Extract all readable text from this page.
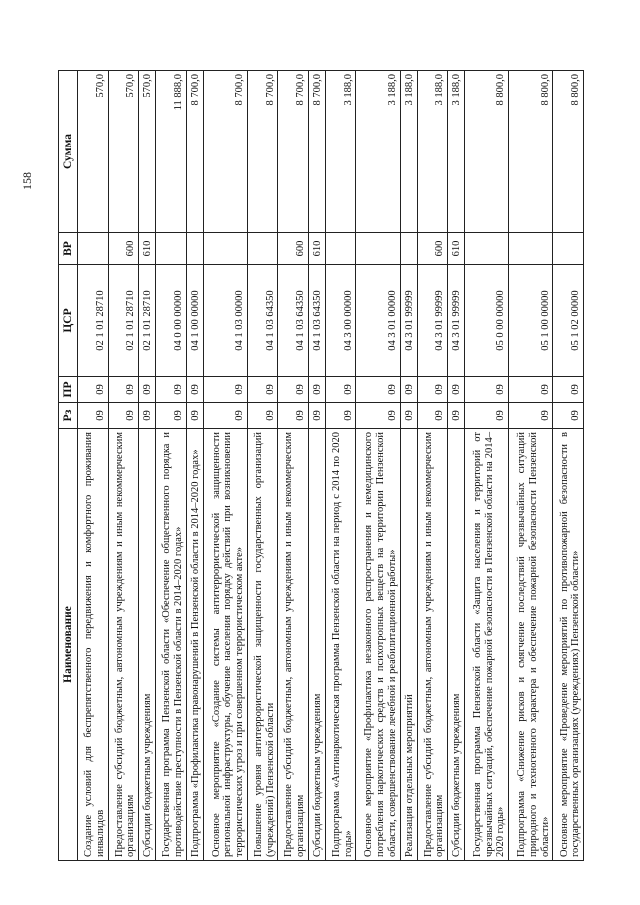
158
Наименование	Рз	ПР	ЦСР	ВР	Сумма
Создание условий для беспрепятственного передвижения и комфортного проживания инвалидов	09	09	02 1 01 28710		570,0
Предоставление субсидий бюджетным, автономным учреждениям и иным некоммерческим организациям	09	09	02 1 01 28710	600	570,0
Субсидии бюджетным учреждениям	09	09	02 1 01 28710	610	570,0
Государственная программа Пензенской области «Обеспечение общественного порядка и противодействие преступности в Пензенской области в 2014–2020 годах»	09	09	04 0 00 00000		11 888,0
Подпрограмма «Профилактика правонарушений в Пензенской области в 2014–2020 годах»	09	09	04 1 00 00000		8 700,0
Основное мероприятие «Создание системы антитеррористической защищенности региональной инфраструктуры, обучение населения порядку действий при возникновении террористических угроз и при совершенном террористическом акте»	09	09	04 1 03 00000		8 700,0
Повышение уровня антитеррористической защищенности государственных организаций (учреждений) Пензенской области	09	09	04 1 03 64350		8 700,0
Предоставление субсидий бюджетным, автономным учреждениям и иным некоммерческим организациям	09	09	04 1 03 64350	600	8 700,0
Субсидии бюджетным учреждениям	09	09	04 1 03 64350	610	8 700,0
Подпрограмма «Антинаркотическая программа Пензенской области на период с 2014 по 2020 годы»	09	09	04 3 00 00000		3 188,0
Основное мероприятие «Профилактика незаконного распространения и немедицинского потребления наркотических средств и психотропных веществ на территории Пензенской области, совершенствование лечебной и реабилитационной работы»	09	09	04 3 01 00000		3 188,0
Реализация отдельных мероприятий	09	09	04 3 01 99999		3 188,0
Предоставление субсидий бюджетным, автономным учреждениям и иным некоммерческим организациям	09	09	04 3 01 99999	600	3 188,0
Субсидии бюджетным учреждениям	09	09	04 3 01 99999	610	3 188,0
Государственная программа Пензенской области «Защита населения и территорий от чрезвычайных ситуаций, обеспечение пожарной безопасности в Пензенской области на 2014–2020 годы»	09	09	05 0 00 00000		8 800,0
Подпрограмма «Снижение рисков и смягчение последствий чрезвычайных ситуаций природного и техногенного характера и обеспечение пожарной безопасности Пензенской области»	09	09	05 1 00 00000		8 800,0
Основное мероприятие «Проведение мероприятий по противопожарной безопасности в государственных организациях (учреждениях) Пензенской области»	09	09	05 1 02 00000		8 800,0
